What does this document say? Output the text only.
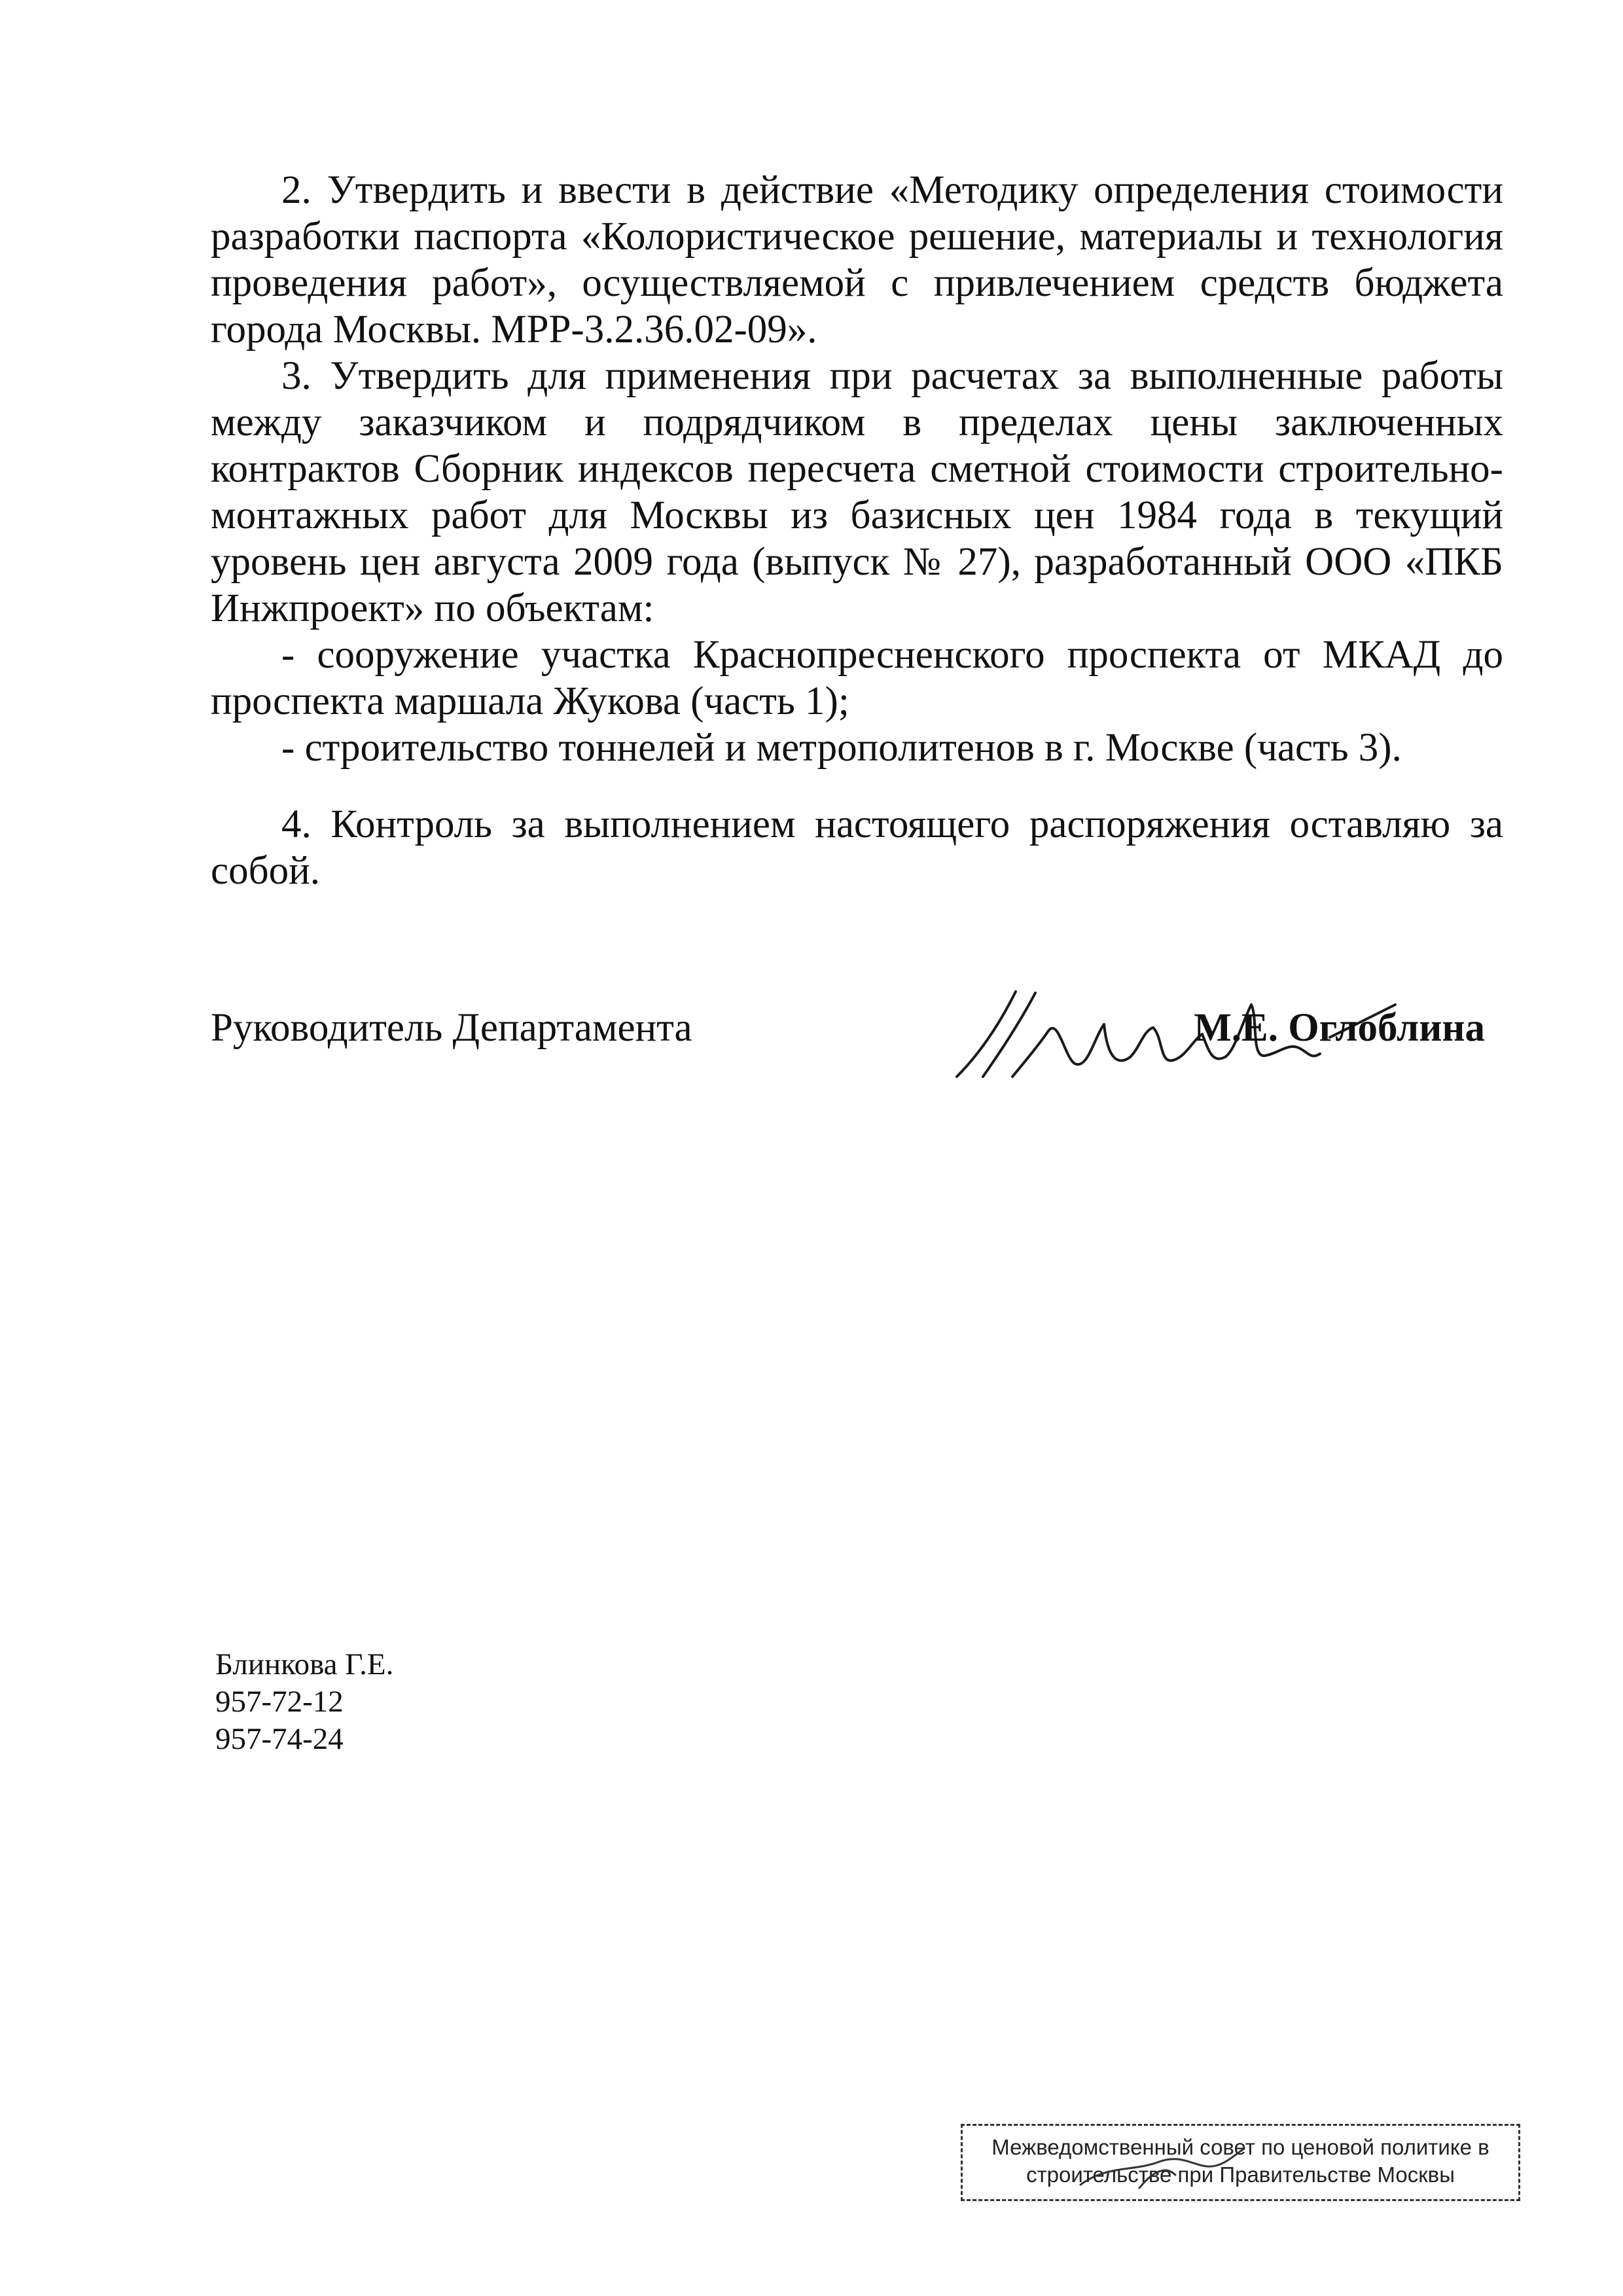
2. Утвердить и ввести в действие «Методику определения стоимости разработки паспорта «Колористическое решение, материалы и технология проведения работ», осуществляемой с привлечением средств бюджета города Москвы. МРР-3.2.36.02-09».

3. Утвердить для применения при расчетах за выполненные работы между заказчиком и подрядчиком в пределах цены заключенных контрактов Сборник индексов пересчета сметной стоимости строительно-монтажных работ для Москвы из базисных цен 1984 года в текущий уровень цен августа 2009 года (выпуск № 27), разработанный ООО «ПКБ Инжпроект» по объектам:

- сооружение участка Краснопресненского проспекта от МКАД до проспекта маршала Жукова (часть 1);

- строительство тоннелей и метрополитенов в г. Москве (часть 3).

4. Контроль за выполнением настоящего распоряжения оставляю за собой.

Руководитель Департамента	М.Е. Оглоблина
Блинкова Г.Е.
957-72-12
957-74-24
Межведомственный совет по ценовой политике в
строительстве при Правительстве Москвы
